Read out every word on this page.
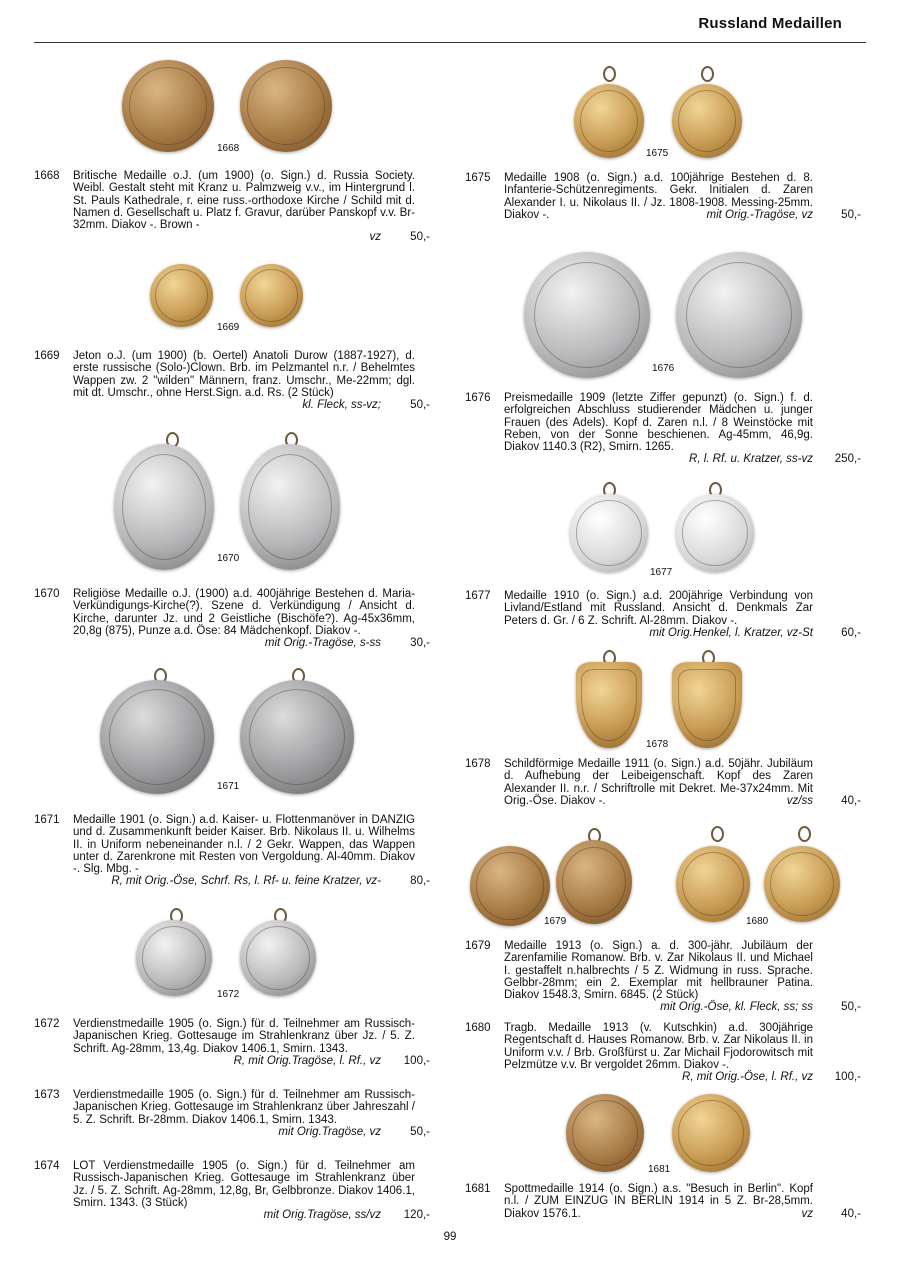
Russland Medaillen
1668
1668 Britische Medaille o.J. (um 1900) (o. Sign.) d. Russia Society. Weibl. Gestalt steht mit Kranz u. Palmzweig v.v., im Hintergrund l. St. Pauls Kathedrale, r. eine russ.-orthodoxe Kirche / Schild mit d. Namen d. Gesellschaft u. Platz f. Gravur, darüber Panskopf v.v. Br-32mm. Diakov -. Brown -
vz	50,-
1669
1669 Jeton o.J. (um 1900) (b. Oertel) Anatoli Durow (1887-1927), d. erste russische (Solo-)Clown. Brb. im Pelzmantel n.r. / Behelmtes Wappen zw. 2 "wilden" Männern, franz. Umschr., Me-22mm; dgl. mit dt. Umschr., ohne Herst.Sign. a.d. Rs. (2 Stück)
kl. Fleck, ss-vz;	50,-
1670
1670 Religiöse Medaille o.J. (1900) a.d. 400jährige Bestehen d. Maria-Verkündigungs-Kirche(?). Szene d. Verkündigung / Ansicht d. Kirche, darunter Jz. und 2 Geistliche (Bischöfe?). Ag-45x36mm, 20,8g (875), Punze a.d. Öse: 84 Mädchenkopf. Diakov -.
mit Orig.-Tragöse, s-ss	30,-
1671
1671 Medaille 1901 (o. Sign.) a.d. Kaiser- u. Flottenmanöver in DANZIG und d. Zusammenkunft beider Kaiser. Brb. Nikolaus II. u. Wilhelms II. in Uniform nebeneinander n.l. / 2 Gekr. Wappen, das Wappen unter d. Zarenkrone mit Resten von Vergoldung. Al-40mm. Diakov -. Slg. Mbg. -
R, mit Orig.-Öse, Schrf. Rs, l. Rf- u. feine Kratzer, vz-	80,-
1672
1672 Verdienstmedaille 1905 (o. Sign.) für d. Teilnehmer am Russisch-Japanischen Krieg. Gottesauge im Strahlenkranz über Jz. / 5. Z. Schrift. Ag-28mm, 13,4g. Diakov 1406.1, Smirn. 1343.
R, mit Orig.Tragöse, l. Rf., vz	100,-
1673 Verdienstmedaille 1905 (o. Sign.) für d. Teilnehmer am Russisch-Japanischen Krieg. Gottesauge im Strahlenkranz über Jahreszahl / 5. Z. Schrift. Br-28mm. Diakov 1406.1, Smirn. 1343.
mit Orig.Tragöse, vz	50,-
1674 LOT Verdienstmedaille 1905 (o. Sign.) für d. Teilnehmer am Russisch-Japanischen Krieg. Gottesauge im Strahlenkranz über Jz. / 5. Z. Schrift. Ag-28mm, 12,8g, Br, Gelbbronze. Diakov 1406.1, Smirn. 1343. (3 Stück)
mit Orig.Tragöse, ss/vz	120,-
1675
1675 Medaille 1908 (o. Sign.) a.d. 100jährige Bestehen d. 8. Infanterie-Schützenregiments. Gekr. Initialen d. Zaren Alexander I. u. Nikolaus II. / Jz. 1808-1908. Messing-25mm. Diakov -.	mit Orig.-Tragöse, vz	50,-
1676
1676 Preismedaille 1909 (letzte Ziffer gepunzt) (o. Sign.) f. d. erfolgreichen Abschluss studierender Mädchen u. junger Frauen (des Adels). Kopf d. Zaren n.l. / 8 Weinstöcke mit Reben, von der Sonne beschienen. Ag-45mm, 46,9g. Diakov 1140.3 (R2), Smirn. 1265.
R, l. Rf. u. Kratzer, ss-vz	250,-
1677
1677 Medaille 1910 (o. Sign.) a.d. 200jährige Verbindung von Livland/Estland mit Russland. Ansicht d. Denkmals Zar Peters d. Gr. / 6 Z. Schrift. Al-28mm. Diakov -.
mit Orig.Henkel, l. Kratzer, vz-St	60,-
1678
1678 Schildförmige Medaille 1911 (o. Sign.) a.d. 50jähr. Jubiläum d. Aufhebung der Leibeigenschaft. Kopf des Zaren Alexander II. n.r. / Schriftrolle mit Dekret. Me-37x24mm. Mit Orig.-Öse. Diakov -.	vz/ss	40,-
1679	1680
1679 Medaille 1913 (o. Sign.) a. d. 300-jähr. Jubiläum der Zarenfamilie Romanow. Brb. v. Zar Nikolaus II. und Michael I. gestaffelt n.halbrechts / 5 Z. Widmung in russ. Sprache. Gelbbr-28mm; ein 2. Exemplar mit hellbrauner Patina. Diakov 1548.3, Smirn. 6845. (2 Stück)
mit Orig.-Öse, kl. Fleck, ss; ss	50,-
1680 Tragb. Medaille 1913 (v. Kutschkin) a.d. 300jährige Regentschaft d. Hauses Romanow. Brb. v. Zar Nikolaus II. in Uniform v.v. / Brb. Großfürst u. Zar Michail Fjodorowitsch mit Pelzmütze v.v. Br vergoldet 26mm. Diakov -.
R, mit Orig.-Öse, l. Rf., vz	100,-
1681
1681 Spottmedaille 1914 (o. Sign.) a.s. "Besuch in Berlin". Kopf n.l. / ZUM EINZUG IN BERLIN 1914 in 5 Z. Br-28,5mm. Diakov 1576.1.	vz	40,-
99
